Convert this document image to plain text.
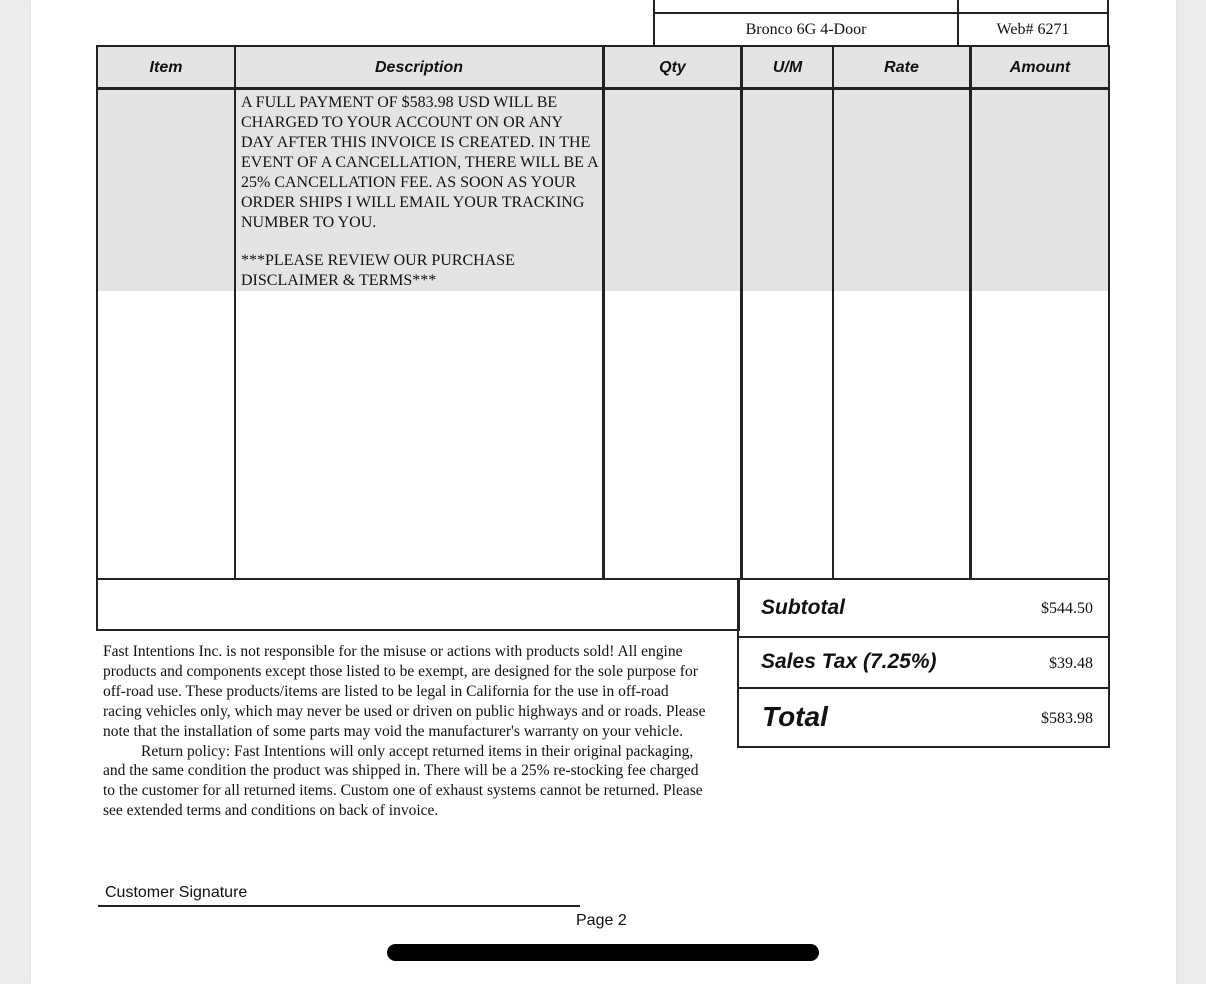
Bronco 6G 4-Door	Web# 6271
Item	Description	Qty	U/M	Rate	Amount
A FULL PAYMENT OF $583.98 USD WILL BE CHARGED TO YOUR ACCOUNT ON OR ANY DAY AFTER THIS INVOICE IS CREATED. IN THE EVENT OF A CANCELLATION, THERE WILL BE A 25% CANCELLATION FEE. AS SOON AS YOUR ORDER SHIPS I WILL EMAIL YOUR TRACKING NUMBER TO YOU.
***PLEASE REVIEW OUR PURCHASE DISCLAIMER & TERMS***
Subtotal	$544.50
Sales Tax (7.25%)	$39.48
Total	$583.98
Fast Intentions Inc. is not responsible for the misuse or actions with products sold! All engine products and components except those listed to be exempt, are designed for the sole purpose for off-road use. These products/items are listed to be legal in California for the use in off-road racing vehicles only, which may never be used or driven on public highways and or roads. Please note that the installation of some parts may void the manufacturer's warranty on your vehicle.
Return policy: Fast Intentions will only accept returned items in their original packaging, and the same condition the product was shipped in. There will be a 25% re-stocking fee charged to the customer for all returned items. Custom one of exhaust systems cannot be returned. Please see extended terms and conditions on back of invoice.
Customer Signature
Page 2
